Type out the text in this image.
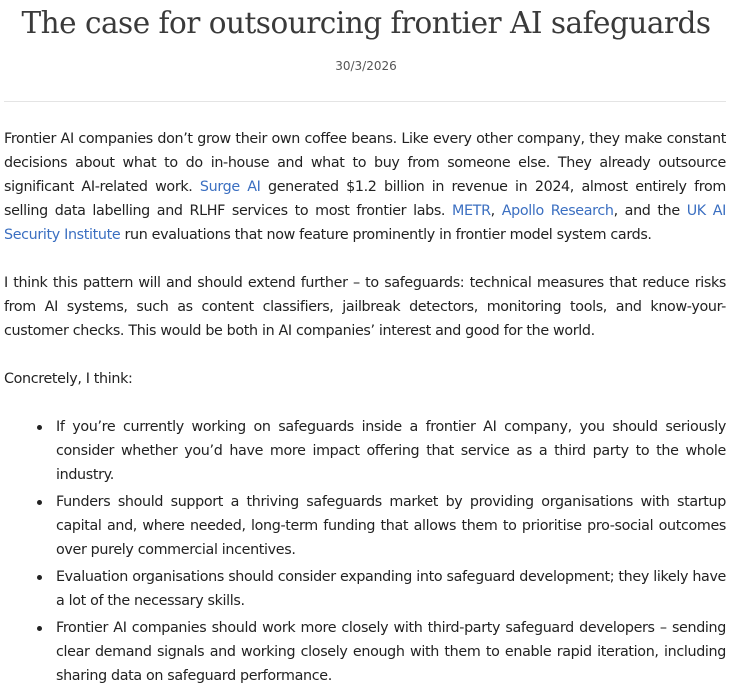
The case for outsourcing frontier AI safeguards
30/3/2026

Frontier AI companies don’t grow their own coffee beans. Like every other company, they make constant decisions about what to do in-house and what to buy from someone else. They already outsource significant AI-related work. Surge AI generated $1.2 billion in revenue in 2024, almost entirely from selling data labelling and RLHF services to most frontier labs. METR, Apollo Research, and the UK AI Security Institute run evaluations that now feature prominently in frontier model system cards.

I think this pattern will and should extend further – to safeguards: technical measures that reduce risks from AI systems, such as content classifiers, jailbreak detectors, monitoring tools, and know-your-customer checks. This would be both in AI companies’ interest and good for the world.

Concretely, I think:

If you’re currently working on safeguards inside a frontier AI company, you should seriously consider whether you’d have more impact offering that service as a third party to the whole industry.
Funders should support a thriving safeguards market by providing organisations with startup capital and, where needed, long-term funding that allows them to prioritise pro-social outcomes over purely commercial incentives.
Evaluation organisations should consider expanding into safeguard development; they likely have a lot of the necessary skills.
Frontier AI companies should work more closely with third-party safeguard developers – sending clear demand signals and working closely enough with them to enable rapid iteration, including sharing data on safeguard performance.
